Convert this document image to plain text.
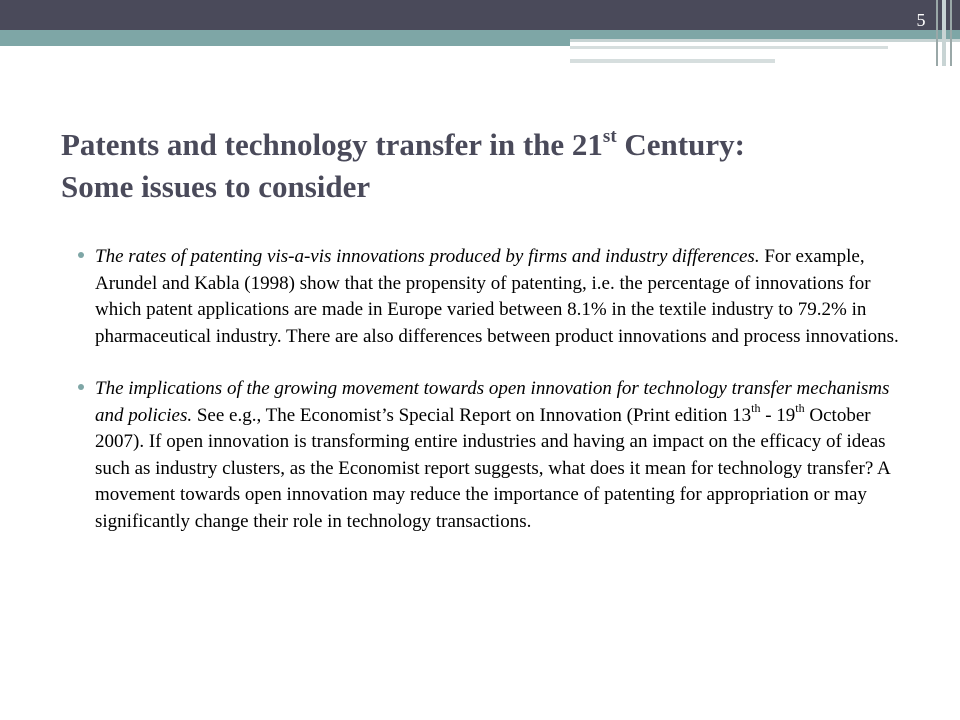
5
Patents and technology transfer in the 21st Century:
Some issues to consider
The rates of patenting vis-a-vis innovations produced by firms and industry differences. For example, Arundel and Kabla (1998) show that the propensity of patenting, i.e. the percentage of innovations for which patent applications are made in Europe varied between 8.1% in the textile industry to 79.2% in pharmaceutical industry. There are also differences between product innovations and process innovations.
The implications of the growing movement towards open innovation for technology transfer mechanisms and policies. See e.g., The Economist’s Special Report on Innovation (Print edition 13th - 19th October 2007). If open innovation is transforming entire industries and having an impact on the efficacy of ideas such as industry clusters, as the Economist report suggests, what does it mean for technology transfer? A movement towards open innovation may reduce the importance of patenting for appropriation or may significantly change their role in technology transactions.
